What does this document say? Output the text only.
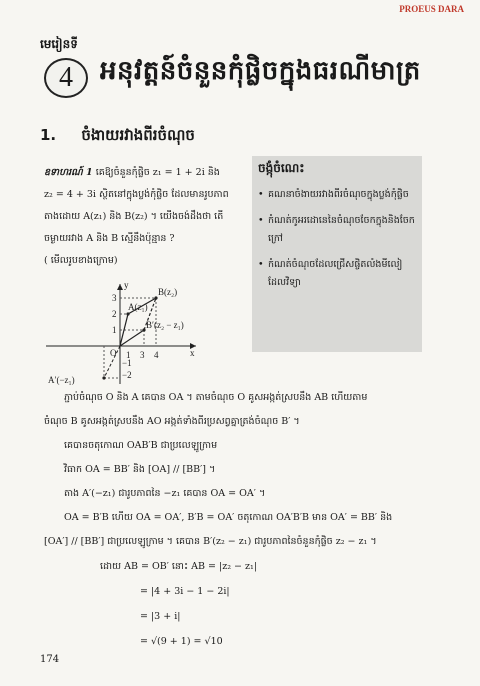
PROEUS DARA
មេរៀនទី
4 អនុវត្តន៍ចំនួនកុំផ្លិចក្នុងធរណីមាត្រ
1. ចំងាយរវាងពីរចំណុច
ឧទាហរណ៍ 1 គេឱ្យចំនួនកុំផ្លិច z₁ = 1 + 2i និង
z₂ = 4 + 3i ស្ថិតនៅក្នុងប្លង់កុំផ្លិច ដែលមានរូបភាព
តាងដោយ A(z₁) និង B(z₂) ។ យើងចង់ដឹងថា តើ
ចម្ងាយរវាង A និង B ស្មើនឹងប៉ុន្មាន ?
( មើលរូបខាងក្រោម)
ចង្កុំចំណេះ
• គណនាចំងាយរវាងពីរចំណុចក្នុងប្លង់កុំផ្លិច
• កំណត់កូអរដោនេនៃចំណុចចែកក្នុងនិងចែកក្រៅ
• កំណត់ចំណុចដែលជ្រើសផ្ចិតលំងមីលៀដែលវិទ្យា
B(z₂)
A(z₁)
B′(z₂ − z₁)
A′(−z₁)
O	x
y
1 3 4
3
2
1
−1
−2

ភ្ជាប់ចំណុច O និង A គេបាន OA ។ តាមចំណុច O គូសអង្កត់ស្របនឹង AB ហើយតាម

ចំណុច B គូសអង្កត់ស្របនឹង AO អង្កត់ទាំងពីរប្រសព្វគ្នាត្រង់ចំណុច B′ ។

គេបានចតុកោណ OAB′B ជាប្រលេឡូក្រាម

វិធាក OA = BB′ និង [OA] // [BB′] ។

តាង A′(−z₁) ជារូបភាពនៃ −z₁ គេបាន OA = OA′ ។

OA = B′B ហើយ OA = OA′, B′B = OA′ ចតុកោណ OA′B′B មាន OA′ = BB′ និង

[OA′] // [BB′] ជាប្រលេឡូក្រាម ។ គេបាន B′(z₂ − z₁) ជារូបភាពនៃចំនួនកុំផ្លិច z₂ − z₁ ។

ដោយ AB = OB′ នោះ AB = |z₂ − z₁|
= |4 + 3i − 1 − 2i|
= |3 + i|
= √(9 + 1) = √10
174
